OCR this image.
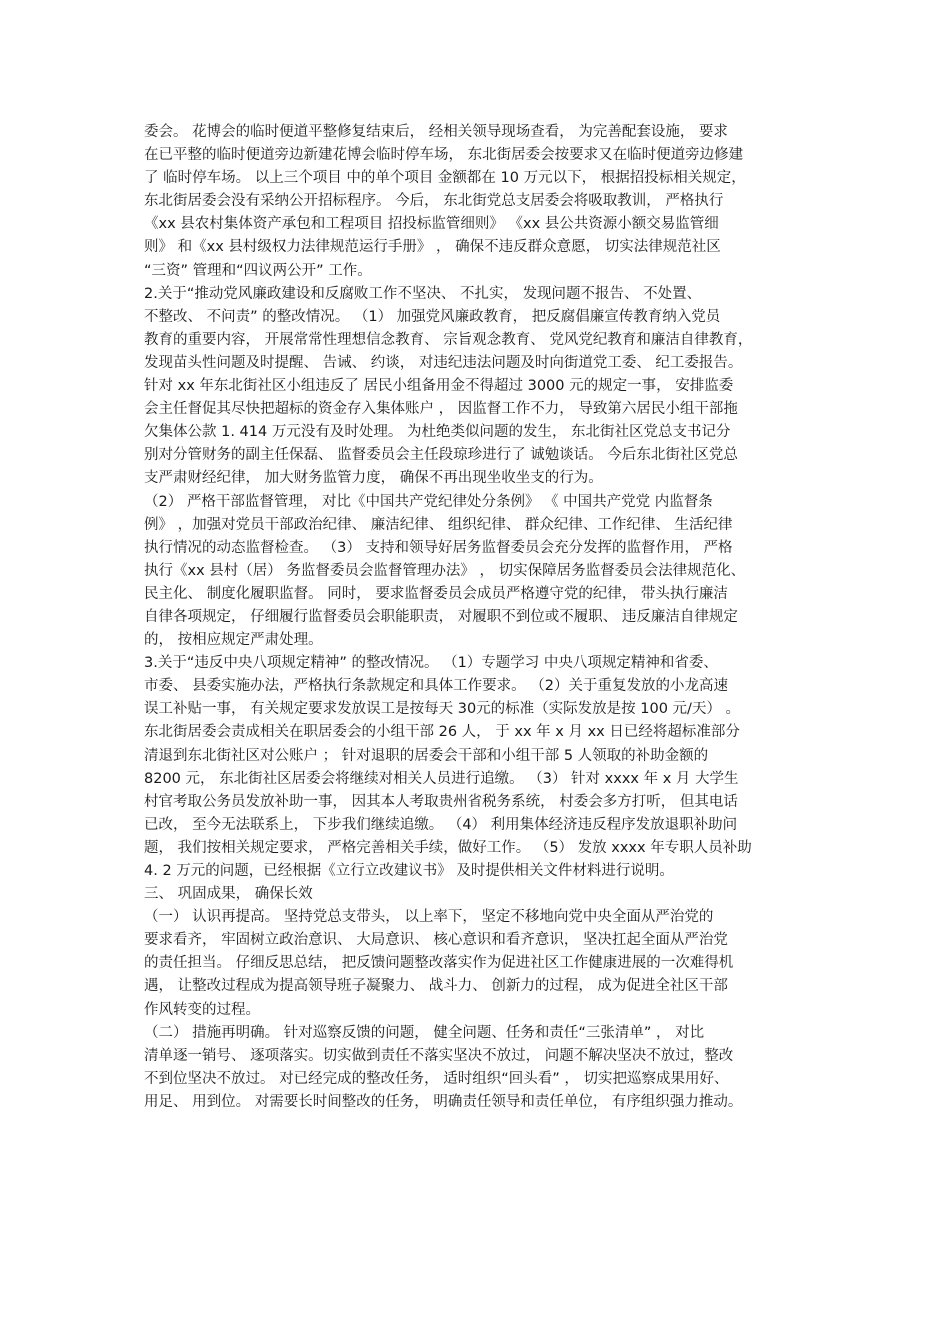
委会。 花博会的临时便道平整修复结束后， 经相关领导现场查看， 为完善配套设施， 要求
在已平整的临时便道旁边新建花博会临时停车场， 东北街居委会按要求又在临时便道旁边修建
了 临时停车场。 以上三个项目 中的单个项目 金额都在 10 万元以下， 根据招投标相关规定，
东北街居委会没有采纳公开招标程序。 今后， 东北街党总支居委会将吸取教训， 严格执行
《xx 县农村集体资产承包和工程项目 招投标监管细则》 《xx 县公共资源小额交易监管细
则》 和《xx 县村级权力法律规范运行手册》 ， 确保不违反群众意愿， 切实法律规范社区
“三资” 管理和“四议两公开” 工作。
2.关于“推动党风廉政建设和反腐败工作不坚决、 不扎实， 发现问题不报告、 不处置、
不整改、 不问责” 的整改情况。 （1） 加强党风廉政教育， 把反腐倡廉宣传教育纳入党员
教育的重要内容， 开展常常性理想信念教育、 宗旨观念教育、 党风党纪教育和廉洁自律教育，
发现苗头性问题及时提醒、 告诫、 约谈， 对违纪违法问题及时向街道党工委、 纪工委报告。
针对 xx 年东北街社区小组违反了 居民小组备用金不得超过 3000 元的规定一事， 安排监委
会主任督促其尽快把超标的资金存入集体账户 ， 因监督工作不力， 导致第六居民小组干部拖
欠集体公款 1. 414 万元没有及时处理。 为杜绝类似问题的发生， 东北街社区党总支书记分
别对分管财务的副主任保磊、 监督委员会主任段琼珍进行了 诚勉谈话。 今后东北街社区党总
支严肃财经纪律， 加大财务监管力度， 确保不再出现坐收坐支的行为。
（2） 严格干部监督管理， 对比《中国共产党纪律处分条例》 《 中国共产党党 内监督条
例》 ，加强对党员干部政治纪律、 廉洁纪律、 组织纪律、 群众纪律、工作纪律、 生活纪律
执行情况的动态监督检查。 （3） 支持和领导好居务监督委员会充分发挥的监督作用， 严格
执行《xx 县村（居） 务监督委员会监督管理办法》 ， 切实保障居务监督委员会法律规范化、
民主化、 制度化履职监督。 同时， 要求监督委员会成员严格遵守党的纪律， 带头执行廉洁
自律各项规定， 仔细履行监督委员会职能职责， 对履职不到位或不履职、 违反廉洁自律规定
的， 按相应规定严肃处理。
3.关于“违反中央八项规定精神” 的整改情况。 （1）专题学习 中央八项规定精神和省委、
市委、 县委实施办法，严格执行条款规定和具体工作要求。 （2）关于重复发放的小龙高速
误工补贴一事， 有关规定要求发放误工是按每天 30元的标准（实际发放是按 100 元/天） 。
东北街居委会责成相关在职居委会的小组干部 26 人， 于 xx 年 x 月 xx 日已经将超标准部分
清退到东北街社区对公账户 ； 针对退职的居委会干部和小组干部 5 人领取的补助金额的
8200 元， 东北街社区居委会将继续对相关人员进行追缴。 （3） 针对 xxxx 年 x 月 大学生
村官考取公务员发放补助一事， 因其本人考取贵州省税务系统， 村委会多方打听， 但其电话
已改， 至今无法联系上， 下步我们继续追缴。 （4） 利用集体经济违反程序发放退职补助问
题， 我们按相关规定要求， 严格完善相关手续，做好工作。 （5） 发放 xxxx 年专职人员补助
4. 2 万元的问题，已经根据《立行立改建议书》 及时提供相关文件材料进行说明。
三、 巩固成果， 确保长效
（一） 认识再提高。 坚持党总支带头， 以上率下， 坚定不移地向党中央全面从严治党的
要求看齐， 牢固树立政治意识、 大局意识、 核心意识和看齐意识， 坚决扛起全面从严治党
的责任担当。 仔细反思总结， 把反馈问题整改落实作为促进社区工作健康进展的一次难得机
遇， 让整改过程成为提高领导班子凝聚力、 战斗力、 创新力的过程， 成为促进全社区干部
作风转变的过程。
（二） 措施再明确。 针对巡察反馈的问题， 健全问题、任务和责任“三张清单” ， 对比
清单逐一销号、 逐项落实。切实做到责任不落实坚决不放过， 问题不解决坚决不放过，整改
不到位坚决不放过。 对已经完成的整改任务， 适时组织“回头看” ， 切实把巡察成果用好、
用足、 用到位。 对需要长时间整改的任务， 明确责任领导和责任单位， 有序组织强力推动。
